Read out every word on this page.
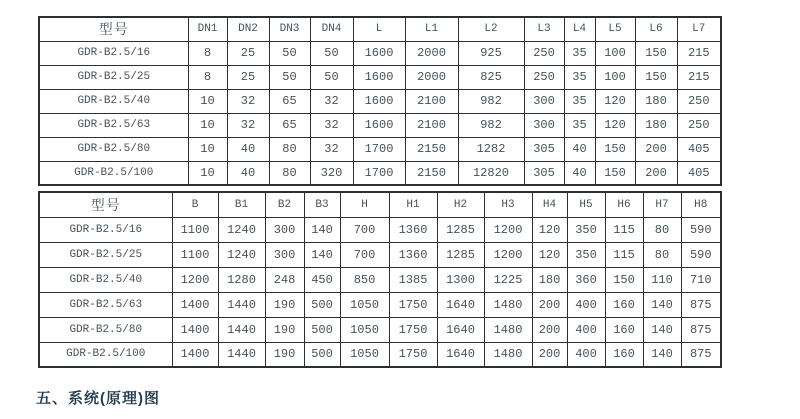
型号	DN1	DN2	DN3	DN4	L	L1	L2	L3	L4	L5	L6	L7
GDR-B2.5/16	8	25	50	50	1600	2000	925	250	35	100	150	215
GDR-B2.5/25	8	25	50	50	1600	2000	825	250	35	100	150	215
GDR-B2.5/40	10	32	65	32	1600	2100	982	300	35	120	180	250
GDR-B2.5/63	10	32	65	32	1600	2100	982	300	35	120	180	250
GDR-B2.5/80	10	40	80	32	1700	2150	1282	305	40	150	200	405
GDR-B2.5/100	10	40	80	320	1700	2150	12820	305	40	150	200	405
型号	B	B1	B2	B3	H	H1	H2	H3	H4	H5	H6	H7	H8
GDR-B2.5/16	1100	1240	300	140	700	1360	1285	1200	120	350	115	80	590
GDR-B2.5/25	1100	1240	300	140	700	1360	1285	1200	120	350	115	80	590
GDR-B2.5/40	1200	1280	248	450	850	1385	1300	1225	180	360	150	110	710
GDR-B2.5/63	1400	1440	190	500	1050	1750	1640	1480	200	400	160	140	875
GDR-B2.5/80	1400	1440	190	500	1050	1750	1640	1480	200	400	160	140	875
GDR-B2.5/100	1400	1440	190	500	1050	1750	1640	1480	200	400	160	140	875
五、系统(原理)图
